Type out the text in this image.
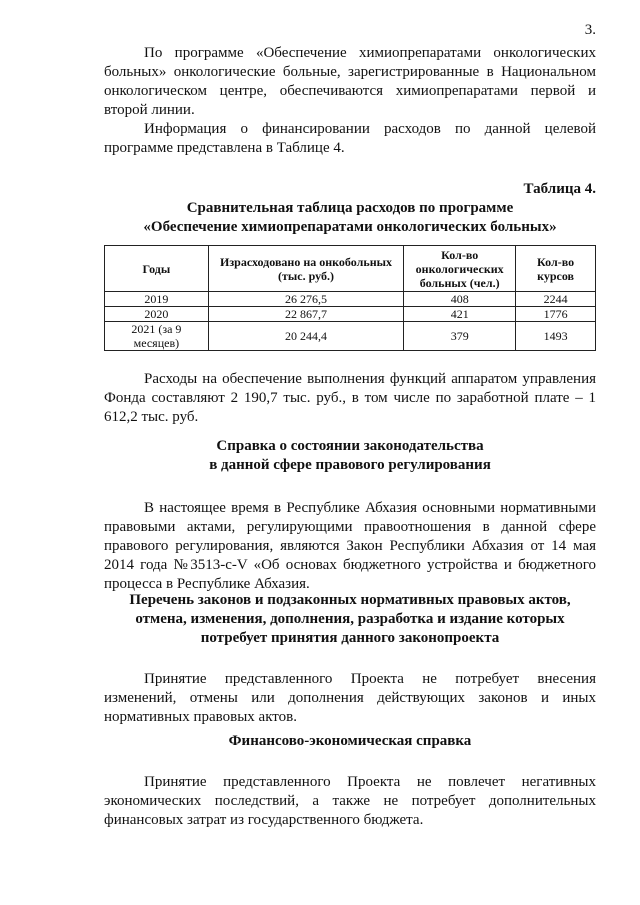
3.

По программе «Обеспечение химиопрепаратами онкологических больных» онкологические больные, зарегистрированные в Национальном онкологическом центре, обеспечиваются химиопрепаратами первой и второй линии.

Информация о финансировании расходов по данной целевой программе представлена в Таблице 4.

Таблица 4.

Сравнительная таблица расходов по программе

«Обеспечение химиопрепаратами онкологических больных»

Годы	Израсходовано на онкобольных (тыс. руб.)	Кол-во онкологических больных (чел.)	Кол-во курсов
2019	26 276,5	408	2244
2020	22 867,7	421	1776
2021 (за 9 месяцев)	20 244,4	379	1493

Расходы на обеспечение выполнения функций аппаратом управления Фонда составляют 2 190,7 тыс. руб., в том числе по заработной плате – 1 612,2 тыс. руб.

Справка о состоянии законодательства

в данной сфере правового регулирования

В настоящее время в Республике Абхазия основными нормативными правовыми актами, регулирующими правоотношения в данной сфере правового регулирования, являются Закон Республики Абхазия от 14 мая 2014 года №3513-с-V «Об основах бюджетного устройства и бюджетного процесса в Республике Абхазия.

Перечень законов и подзаконных нормативных правовых актов,

отмена, изменения, дополнения, разработка и издание которых

потребует принятия данного законопроекта

Принятие представленного Проекта не потребует внесения изменений, отмены или дополнения действующих законов и иных нормативных правовых актов.

Финансово-экономическая справка

Принятие представленного Проекта не повлечет негативных экономических последствий, а также не потребует дополнительных финансовых затрат из государственного бюджета.
